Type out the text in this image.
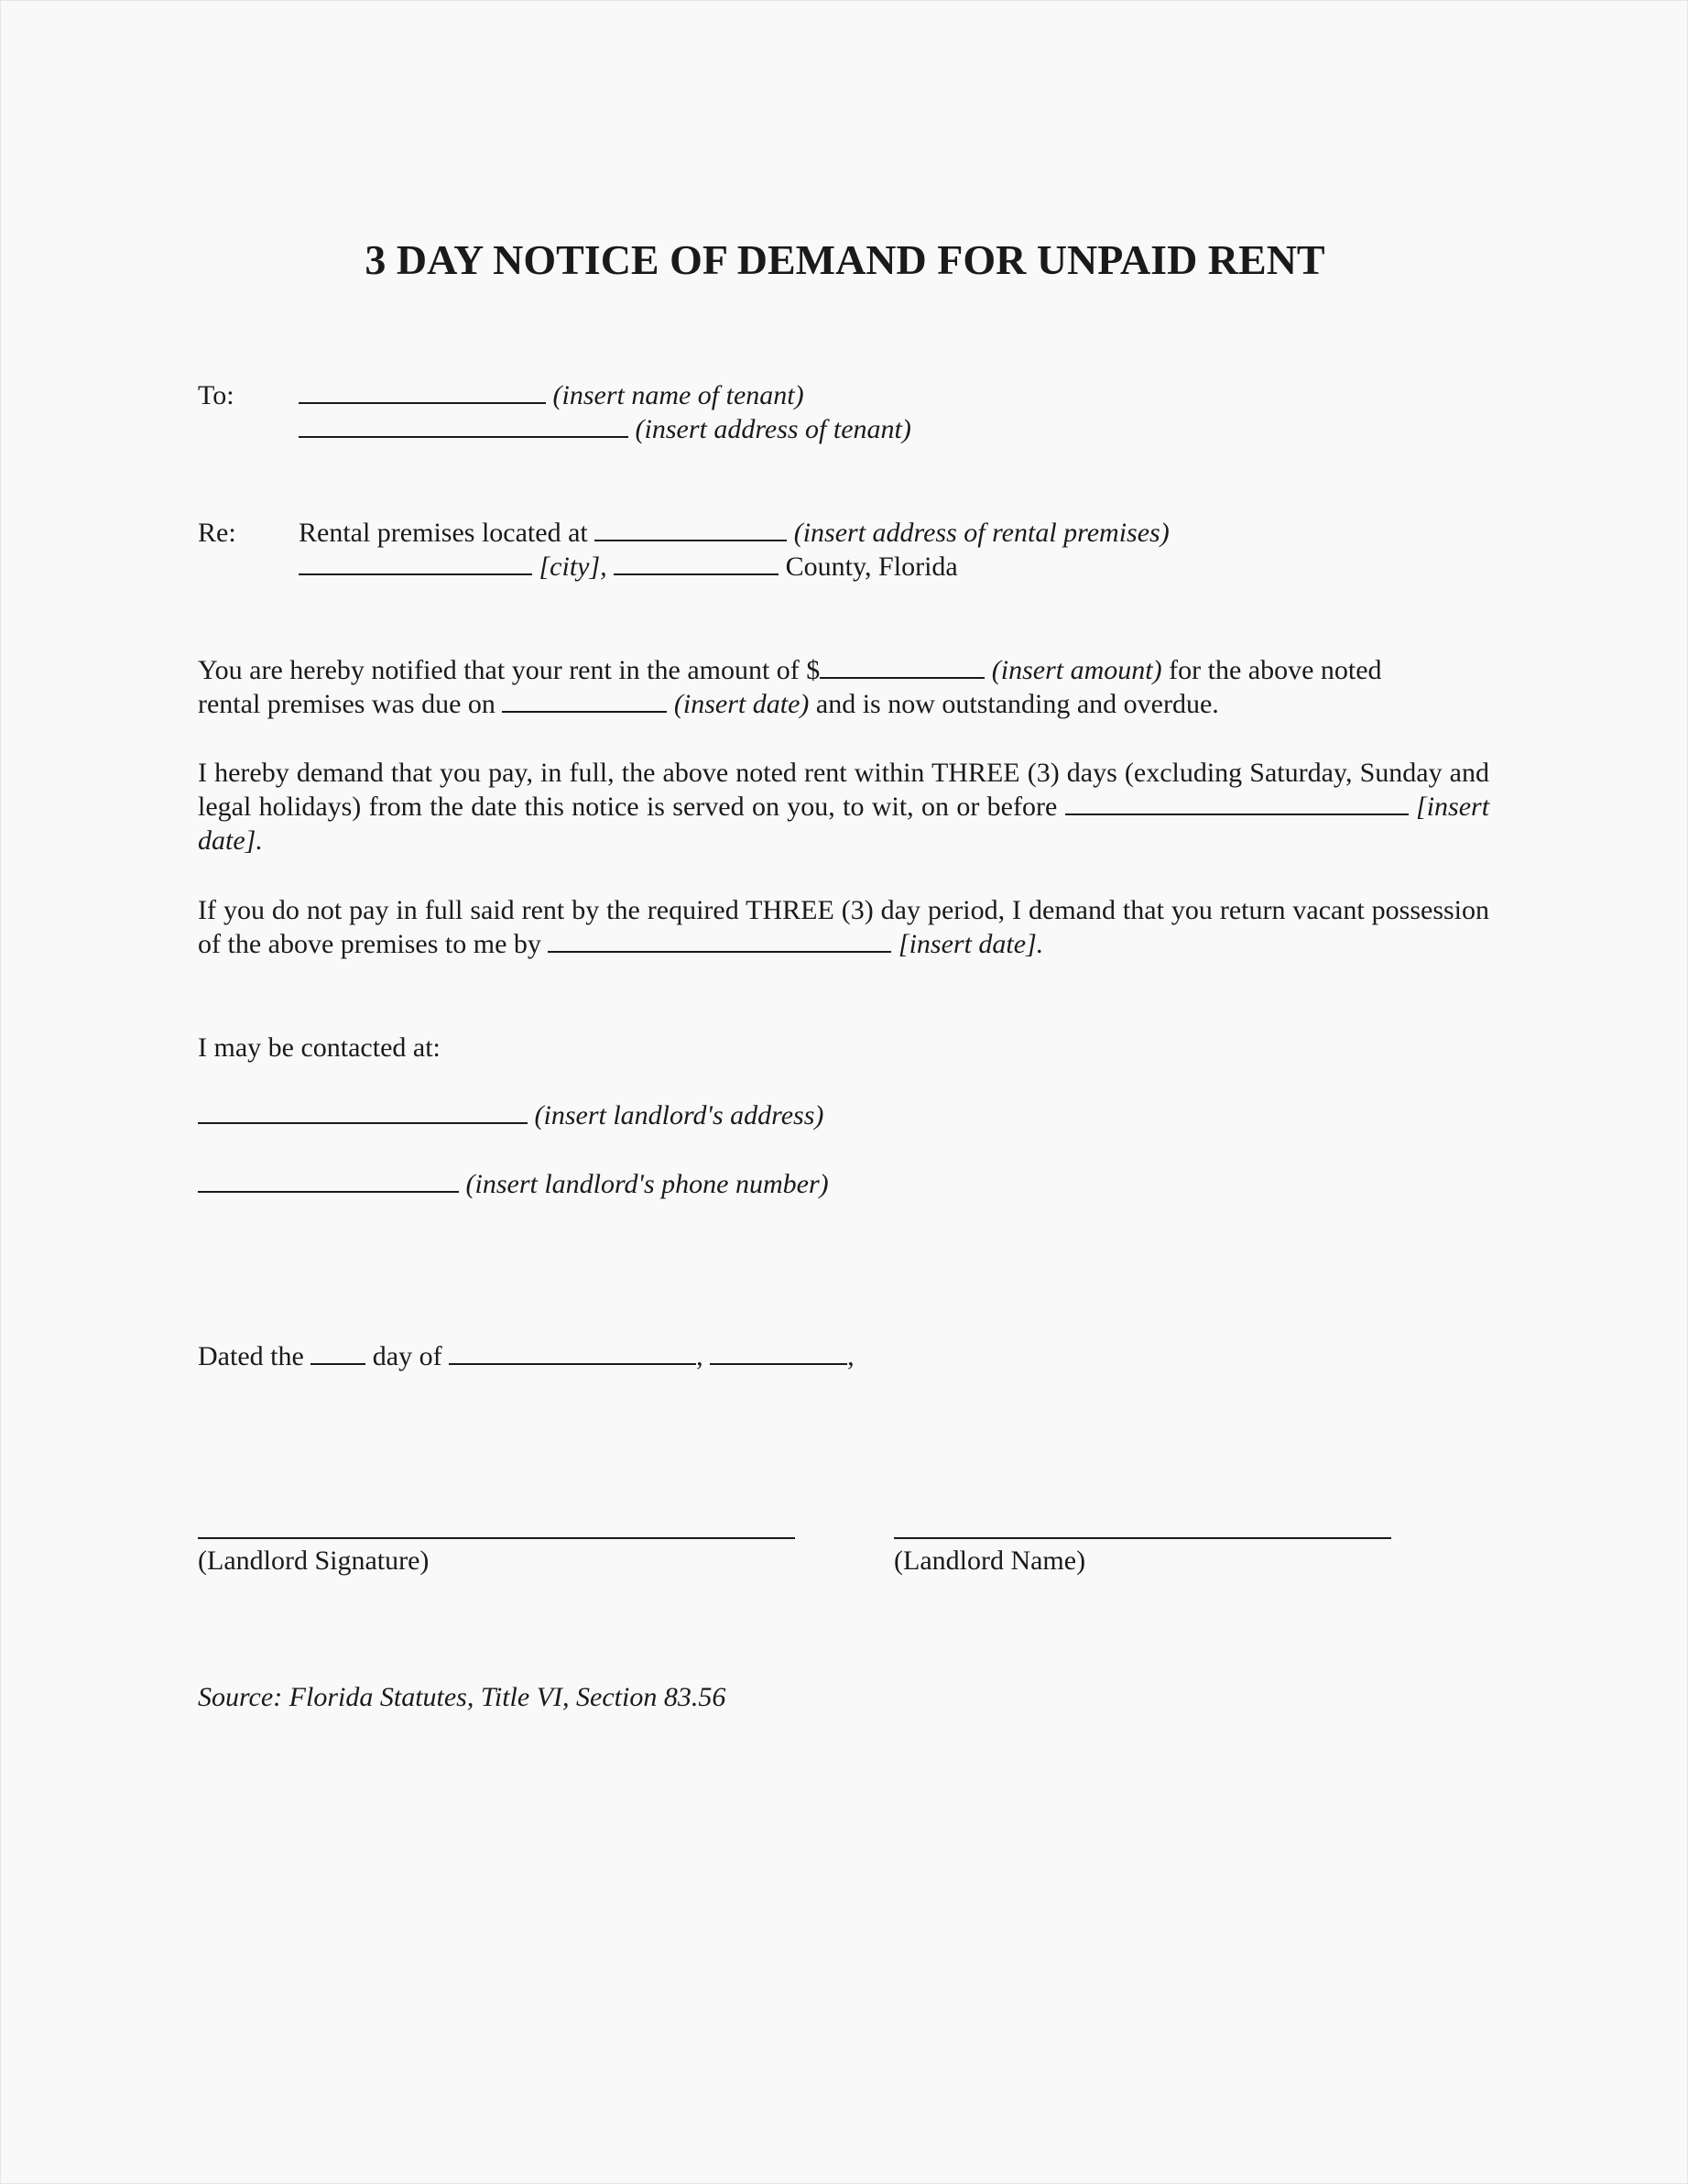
3 DAY NOTICE OF DEMAND FOR UNPAID RENT
To:	(insert name of tenant)
(insert address of tenant)
Re: Rental premises located at	(insert address of rental premises)
[city],	County, Florida
You are hereby notified that your rent in the amount of $	(insert amount) for the above noted
rental premises was due on	(insert date) and is now outstanding and overdue.
I hereby demand that you pay, in full, the above noted rent within THREE (3) days (excluding Saturday, Sunday and legal holidays) from the date this notice is served on you, to wit, on or before	[insert date].
If you do not pay in full said rent by the required THREE (3) day period, I demand that you return vacant possession of the above premises to me by	[insert date].
I may be contacted at:
(insert landlord's address)
(insert landlord's phone number)
Dated the	day of	,	,
(Landlord Signature)	(Landlord Name)
Source: Florida Statutes, Title VI, Section 83.56
